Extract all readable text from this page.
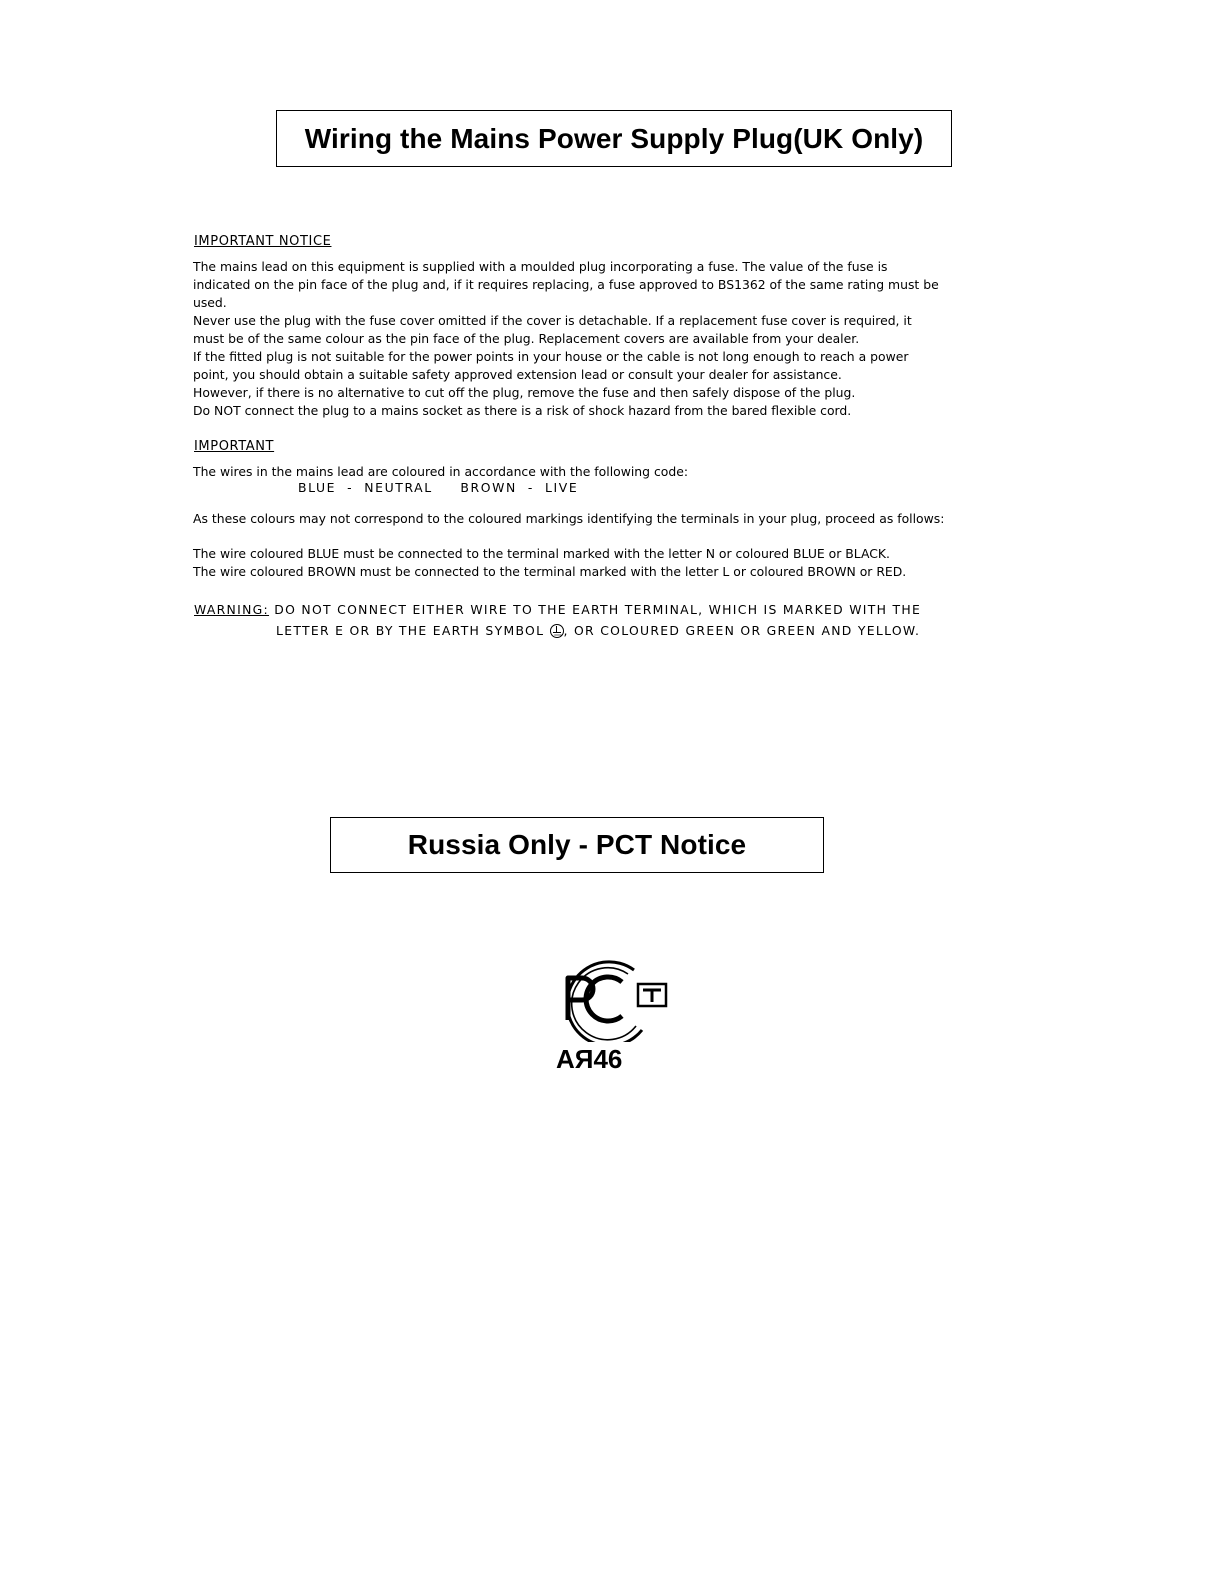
Wiring the Mains Power Supply Plug(UK Only)
IMPORTANT NOTICE
The mains lead on this equipment is supplied with a moulded plug incorporating a fuse. The value of the fuse is indicated on the pin face of the plug and, if it requires replacing, a fuse approved to BS1362 of the same rating must be used.
Never use the plug with the fuse cover omitted if the cover is detachable. If a replacement fuse cover is required, it must be of the same colour as the pin face of the plug. Replacement covers are available from your dealer.
If the fitted plug is not suitable for the power points in your house or the cable is not long enough to reach a power point, you should obtain a suitable safety approved extension lead or consult your dealer for assistance.
However, if there is no alternative to cut off the plug, remove the fuse and then safely dispose of the plug.
Do NOT connect the plug to a mains socket as there is a risk of shock hazard from the bared flexible cord.
IMPORTANT
The wires in the mains lead are coloured in accordance with the following code:
BLUE  -  NEUTRAL     BROWN  -  LIVE
As these colours may not correspond to the coloured markings identifying the terminals in your plug, proceed as follows:
The wire coloured BLUE must be connected to the terminal marked with the letter N or coloured BLUE or BLACK.
The wire coloured BROWN must be connected to the terminal marked with the letter L or coloured BROWN or RED.
WARNING: DO NOT CONNECT EITHER WIRE TO THE EARTH TERMINAL, WHICH IS MARKED WITH THE
LETTER E OR BY THE EARTH SYMBOL , OR COLOURED GREEN OR GREEN AND YELLOW.
Russia Only - PCT Notice
AЯ46
